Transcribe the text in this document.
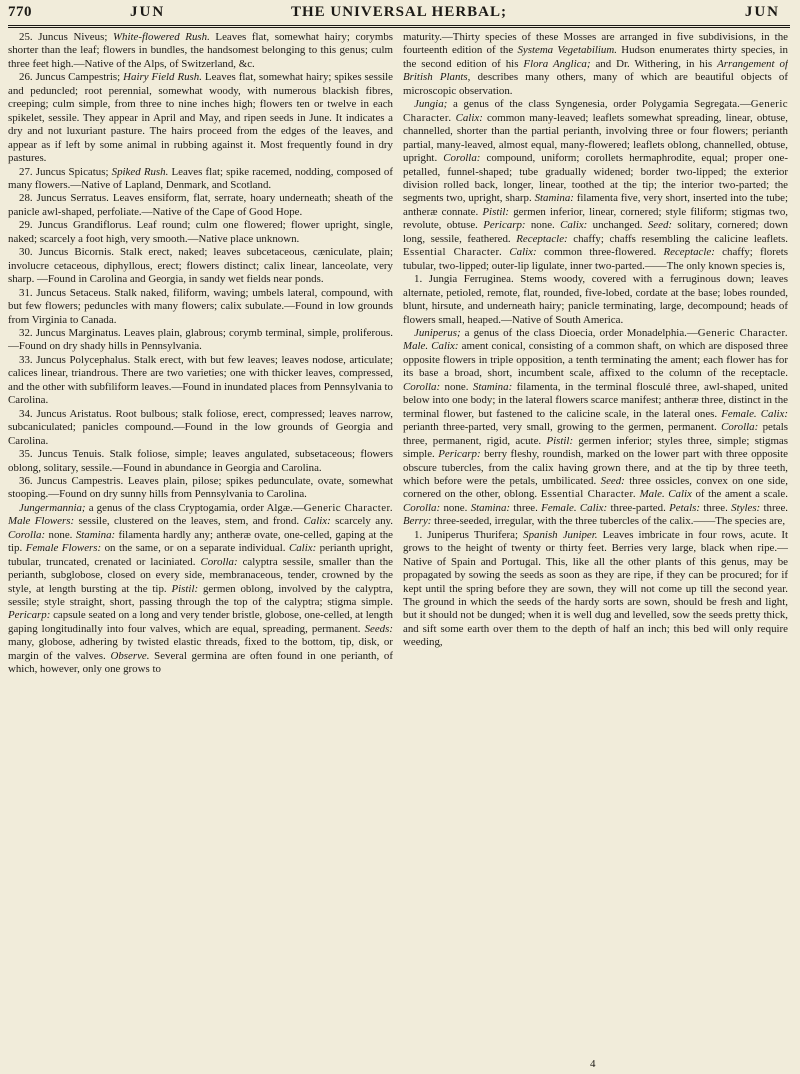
770	JUN	THE UNIVERSAL HERBAL;	JUN

25. Juncus Niveus; White-flowered Rush. Leaves flat, somewhat hairy; corymbs shorter than the leaf; flowers in bundles, the handsomest belonging to this genus; culm three feet high.—Native of the Alps, of Switzerland, &c.

26. Juncus Campestris; Hairy Field Rush. Leaves flat, somewhat hairy; spikes sessile and peduncled; root perennial, somewhat woody, with numerous blackish fibres, creeping; culm simple, from three to nine inches high; flowers ten or twelve in each spikelet, sessile. They appear in April and May, and ripen seeds in June. It indicates a dry and not luxuriant pasture. The hairs proceed from the edges of the leaves, and appear as if left by some animal in rubbing against it. Most frequently found in dry pastures.

27. Juncus Spicatus; Spiked Rush. Leaves flat; spike racemed, nodding, composed of many flowers.—Native of Lapland, Denmark, and Scotland.

28. Juncus Serratus. Leaves ensiform, flat, serrate, hoary underneath; sheath of the panicle awl-shaped, perfoliate.—Native of the Cape of Good Hope.

29. Juncus Grandiflorus. Leaf round; culm one flowered; flower upright, single, naked; scarcely a foot high, very smooth.—Native place unknown.

30. Juncus Bicornis. Stalk erect, naked; leaves subcetaceous, cæniculate, plain; involucre cetaceous, diphyllous, erect; flowers distinct; calix linear, lanceolate, very sharp. —Found in Carolina and Georgia, in sandy wet fields near ponds.

31. Juncus Setaceus. Stalk naked, filiform, waving; umbels lateral, compound, with but few flowers; peduncles with many flowers; calix subulate.—Found in low grounds from Virginia to Canada.

32. Juncus Marginatus. Leaves plain, glabrous; corymb terminal, simple, proliferous.—Found on dry shady hills in Pennsylvania.

33. Juncus Polycephalus. Stalk erect, with but few leaves; leaves nodose, articulate; calices linear, triandrous. There are two varieties; one with thicker leaves, compressed, and the other with subfiliform leaves.—Found in inundated places from Pennsylvania to Carolina.

34. Juncus Aristatus. Root bulbous; stalk foliose, erect, compressed; leaves narrow, subcaniculated; panicles compound.—Found in the low grounds of Georgia and Carolina.

35. Juncus Tenuis. Stalk foliose, simple; leaves angulated, subsetaceous; flowers oblong, solitary, sessile.—Found in abundance in Georgia and Carolina.

36. Juncus Campestris. Leaves plain, pilose; spikes pedunculate, ovate, somewhat stooping.—Found on dry sunny hills from Pennsylvania to Carolina.

Jungermannia; a genus of the class Cryptogamia, order Algæ.—Generic Character. Male Flowers: sessile, clustered on the leaves, stem, and frond. Calix: scarcely any. Corolla: none. Stamina: filamenta hardly any; antheræ ovate, one-celled, gaping at the tip. Female Flowers: on the same, or on a separate individual. Calix: perianth upright, tubular, truncated, crenated or laciniated. Corolla: calyptra sessile, smaller than the perianth, subglobose, closed on every side, membranaceous, tender, crowned by the style, at length bursting at the tip. Pistil: germen oblong, involved by the calyptra, sessile; style straight, short, passing through the top of the calyptra; stigma simple. Pericarp: capsule seated on a long and very tender bristle, globose, one-celled, at length gaping longitudinally into four valves, which are equal, spreading, permanent. Seeds: many, globose, adhering by twisted elastic threads, fixed to the bottom, tip, disk, or margin of the valves. Observe. Several germina are often found in one perianth, of which, however, only one grows to

maturity.—Thirty species of these Mosses are arranged in five subdivisions, in the fourteenth edition of the Systema Vegetabilium. Hudson enumerates thirty species, in the second edition of his Flora Anglica; and Dr. Withering, in his Arrangement of British Plants, describes many others, many of which are beautiful objects of microscopic observation.

Jungia; a genus of the class Syngenesia, order Polygamia Segregata.—Generic Character. Calix: common many-leaved; leaflets somewhat spreading, linear, obtuse, channelled, shorter than the partial perianth, involving three or four flowers; perianth partial, many-leaved, almost equal, many-flowered; leaflets oblong, channelled, obtuse, upright. Corolla: compound, uniform; corollets hermaphrodite, equal; proper one-petalled, funnel-shaped; tube gradually widened; border two-lipped; the exterior division rolled back, longer, linear, toothed at the tip; the interior two-parted; the segments two, upright, sharp. Stamina: filamenta five, very short, inserted into the tube; antheræ connate. Pistil: germen inferior, linear, cornered; style filiform; stigmas two, revolute, obtuse. Pericarp: none. Calix: unchanged. Seed: solitary, cornered; down long, sessile, feathered. Receptacle: chaffy; chaffs resembling the calicine leaflets. Essential Character. Calix: common three-flowered. Receptacle: chaffy; florets tubular, two-lipped; outer-lip ligulate, inner two-parted.——The only known species is,

1. Jungia Ferruginea. Stems woody, covered with a ferruginous down; leaves alternate, petioled, remote, flat, rounded, five-lobed, cordate at the base; lobes rounded, blunt, hirsute, and underneath hairy; panicle terminating, large, decompound; heads of flowers small, heaped.—Native of South America.

Juniperus; a genus of the class Dioecia, order Monadelphia.—Generic Character. Male. Calix: ament conical, consisting of a common shaft, on which are disposed three opposite flowers in triple opposition, a tenth terminating the ament; each flower has for its base a broad, short, incumbent scale, affixed to the column of the receptacle. Corolla: none. Stamina: filamenta, in the terminal flosculé three, awl-shaped, united below into one body; in the lateral flowers scarce manifest; antheræ three, distinct in the terminal flower, but fastened to the calicine scale, in the lateral ones. Female. Calix: perianth three-parted, very small, growing to the germen, permanent. Corolla: petals three, permanent, rigid, acute. Pistil: germen inferior; styles three, simple; stigmas simple. Pericarp: berry fleshy, roundish, marked on the lower part with three opposite obscure tubercles, from the calix having grown there, and at the tip by three teeth, which before were the petals, umbilicated. Seed: three ossicles, convex on one side, cornered on the other, oblong. Essential Character. Male. Calix of the ament a scale. Corolla: none. Stamina: three. Female. Calix: three-parted. Petals: three. Styles: three. Berry: three-seeded, irregular, with the three tubercles of the calix.——The species are,

1. Juniperus Thurifera; Spanish Juniper. Leaves imbricate in four rows, acute. It grows to the height of twenty or thirty feet. Berries very large, black when ripe.—Native of Spain and Portugal. This, like all the other plants of this genus, may be propagated by sowing the seeds as soon as they are ripe, if they can be procured; for if kept until the spring before they are sown, they will not come up till the second year. The ground in which the seeds of the hardy sorts are sown, should be fresh and light, but it should not be dunged; when it is well dug and levelled, sow the seeds pretty thick, and sift some earth over them to the depth of half an inch; this bed will only require weeding,

4
